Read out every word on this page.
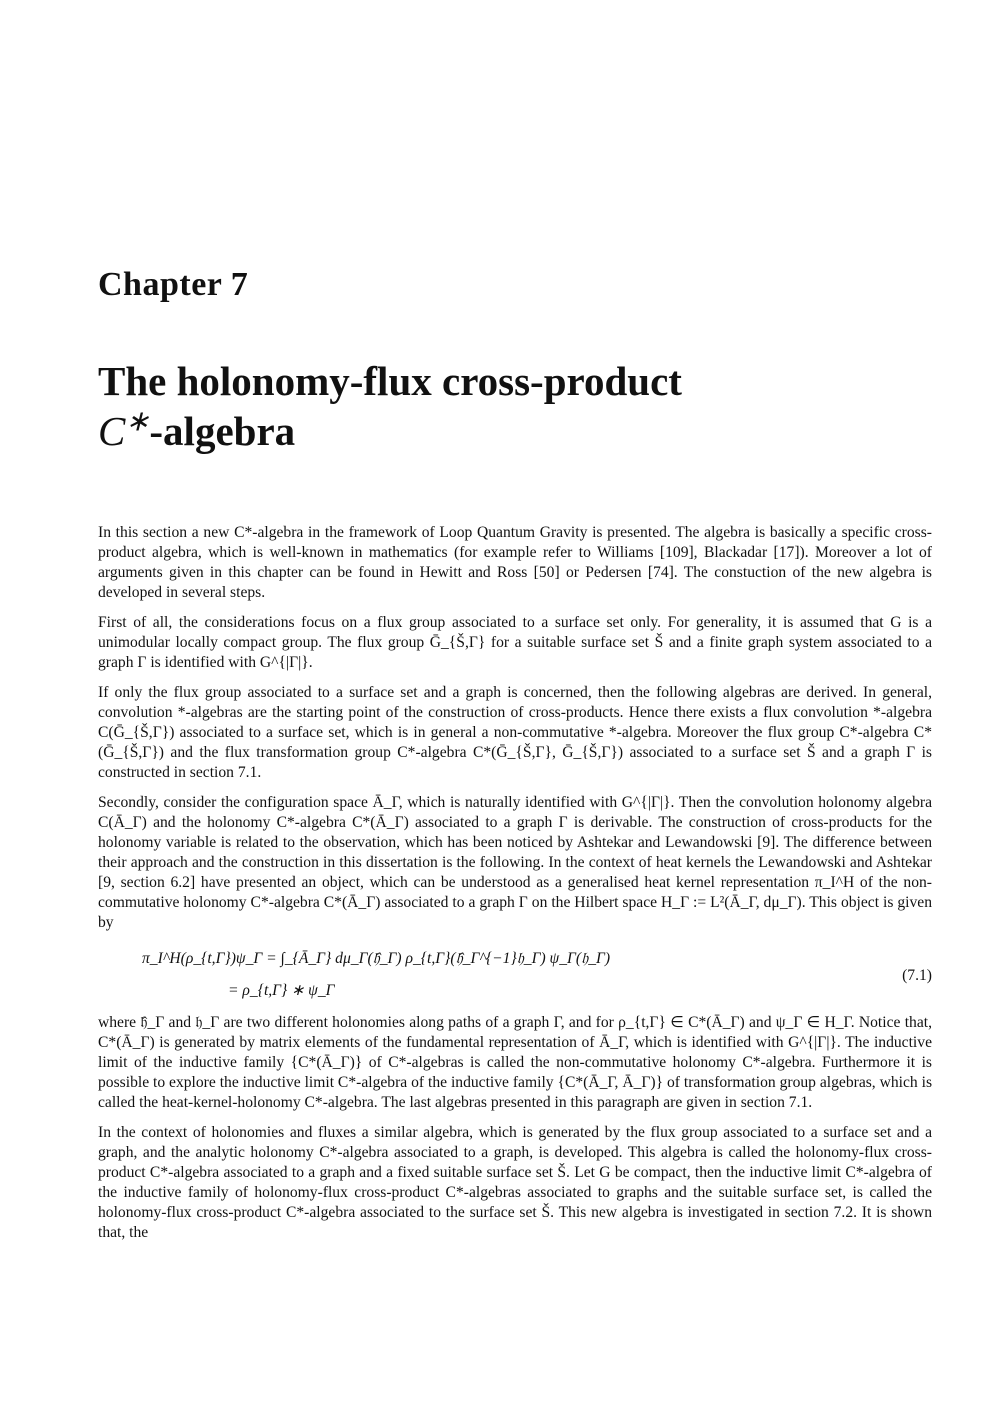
Chapter 7
The holonomy-flux cross-product
C∗-algebra

In this section a new C*-algebra in the framework of Loop Quantum Gravity is presented. The algebra is basically a specific cross-product algebra, which is well-known in mathematics (for example refer to Williams [109], Blackadar [17]). Moreover a lot of arguments given in this chapter can be found in Hewitt and Ross [50] or Pedersen [74]. The constuction of the new algebra is developed in several steps.

First of all, the considerations focus on a flux group associated to a surface set only. For generality, it is assumed that G is a unimodular locally compact group. The flux group Ḡ_{Š,Γ} for a suitable surface set Š and a finite graph system associated to a graph Γ is identified with G^{|Γ|}.

If only the flux group associated to a surface set and a graph is concerned, then the following algebras are derived. In general, convolution *-algebras are the starting point of the construction of cross-products. Hence there exists a flux convolution *-algebra C(Ḡ_{Š,Γ}) associated to a surface set, which is in general a non-commutative *-algebra. Moreover the flux group C*-algebra C*(Ḡ_{Š,Γ}) and the flux transformation group C*-algebra C*(Ḡ_{Š,Γ}, Ḡ_{Š,Γ}) associated to a surface set Š and a graph Γ is constructed in section 7.1.

Secondly, consider the configuration space Ā_Γ, which is naturally identified with G^{|Γ|}. Then the convolution holonomy algebra C(Ā_Γ) and the holonomy C*-algebra C*(Ā_Γ) associated to a graph Γ is derivable. The construction of cross-products for the holonomy variable is related to the observation, which has been noticed by Ashtekar and Lewandowski [9]. The difference between their approach and the construction in this dissertation is the following. In the context of heat kernels the Lewandowski and Ashtekar [9, section 6.2] have presented an object, which can be understood as a generalised heat kernel representation π_I^H of the non-commutative holonomy C*-algebra C*(Ā_Γ) associated to a graph Γ on the Hilbert space H_Γ := L²(Ā_Γ, dμ_Γ). This object is given by

π_I^H(ρ_{t,Γ})ψ_Γ = ∫_{Ā_Γ} dμ_Γ(𝔥̂_Γ) ρ_{t,Γ}(𝔥̂_Γ^{−1}𝔥_Γ) ψ_Γ(𝔥_Γ)
= ρ_{t,Γ} ∗ ψ_Γ
(7.1)

where 𝔥̂_Γ and 𝔥_Γ are two different holonomies along paths of a graph Γ, and for ρ_{t,Γ} ∈ C*(Ā_Γ) and ψ_Γ ∈ H_Γ. Notice that, C*(Ā_Γ) is generated by matrix elements of the fundamental representation of Ā_Γ, which is identified with G^{|Γ|}. The inductive limit of the inductive family {C*(Ā_Γ)} of C*-algebras is called the non-commutative holonomy C*-algebra. Furthermore it is possible to explore the inductive limit C*-algebra of the inductive family {C*(Ā_Γ, Ā_Γ)} of transformation group algebras, which is called the heat-kernel-holonomy C*-algebra. The last algebras presented in this paragraph are given in section 7.1.

In the context of holonomies and fluxes a similar algebra, which is generated by the flux group associated to a surface set and a graph, and the analytic holonomy C*-algebra associated to a graph, is developed. This algebra is called the holonomy-flux cross-product C*-algebra associated to a graph and a fixed suitable surface set Š. Let G be compact, then the inductive limit C*-algebra of the inductive family of holonomy-flux cross-product C*-algebras associated to graphs and the suitable surface set, is called the holonomy-flux cross-product C*-algebra associated to the surface set Š. This new algebra is investigated in section 7.2. It is shown that, the
